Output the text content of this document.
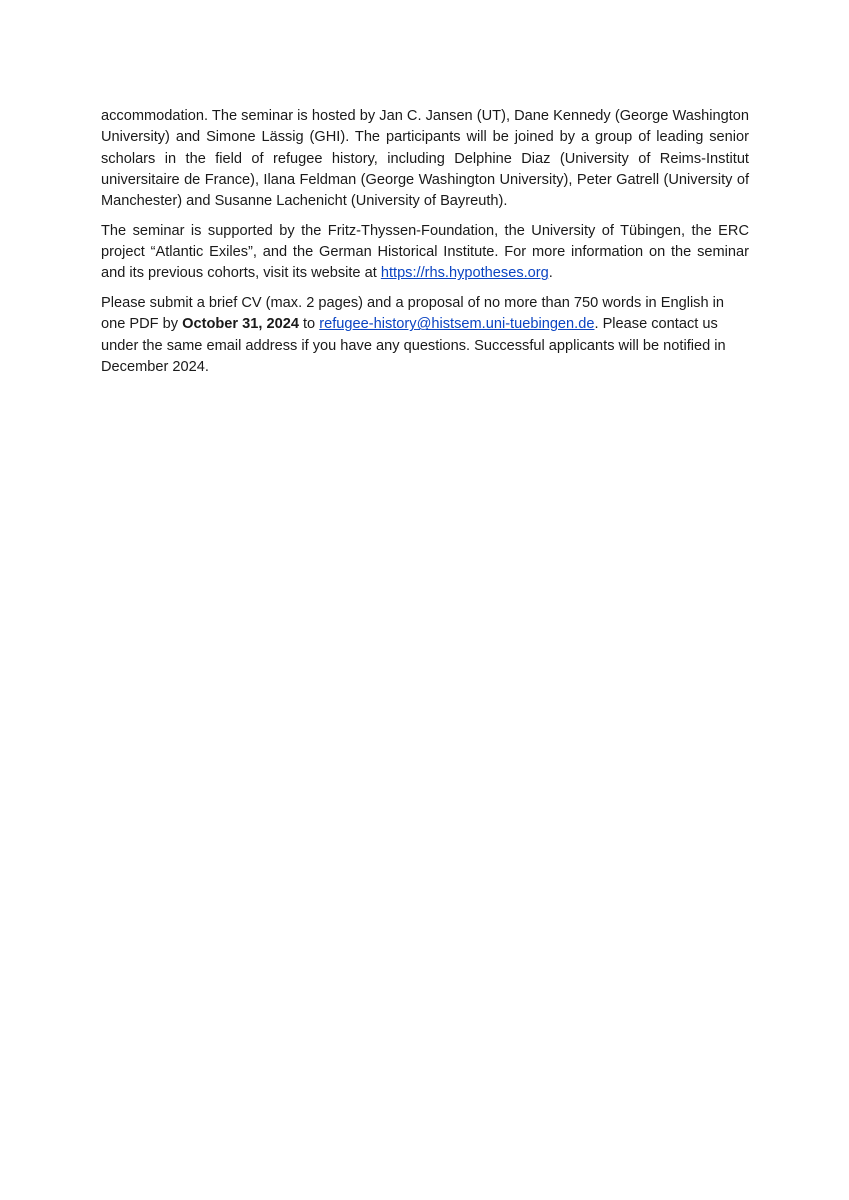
accommodation. The seminar is hosted by Jan C. Jansen (UT), Dane Kennedy (George Washington University) and Simone Lässig (GHI). The participants will be joined by a group of leading senior scholars in the field of refugee history, including Delphine Diaz (University of Reims-Institut universitaire de France), Ilana Feldman (George Washington University), Peter Gatrell (University of Manchester) and Susanne Lachenicht (University of Bayreuth).

The seminar is supported by the Fritz-Thyssen-Foundation, the University of Tübingen, the ERC project “Atlantic Exiles”, and the German Historical Institute. For more information on the seminar and its previous cohorts, visit its website at https://rhs.hypotheses.org.

Please submit a brief CV (max. 2 pages) and a proposal of no more than 750 words in English in one PDF by October 31, 2024 to refugee-history@histsem.uni-tuebingen.de. Please contact us under the same email address if you have any questions. Successful applicants will be notified in December 2024.
